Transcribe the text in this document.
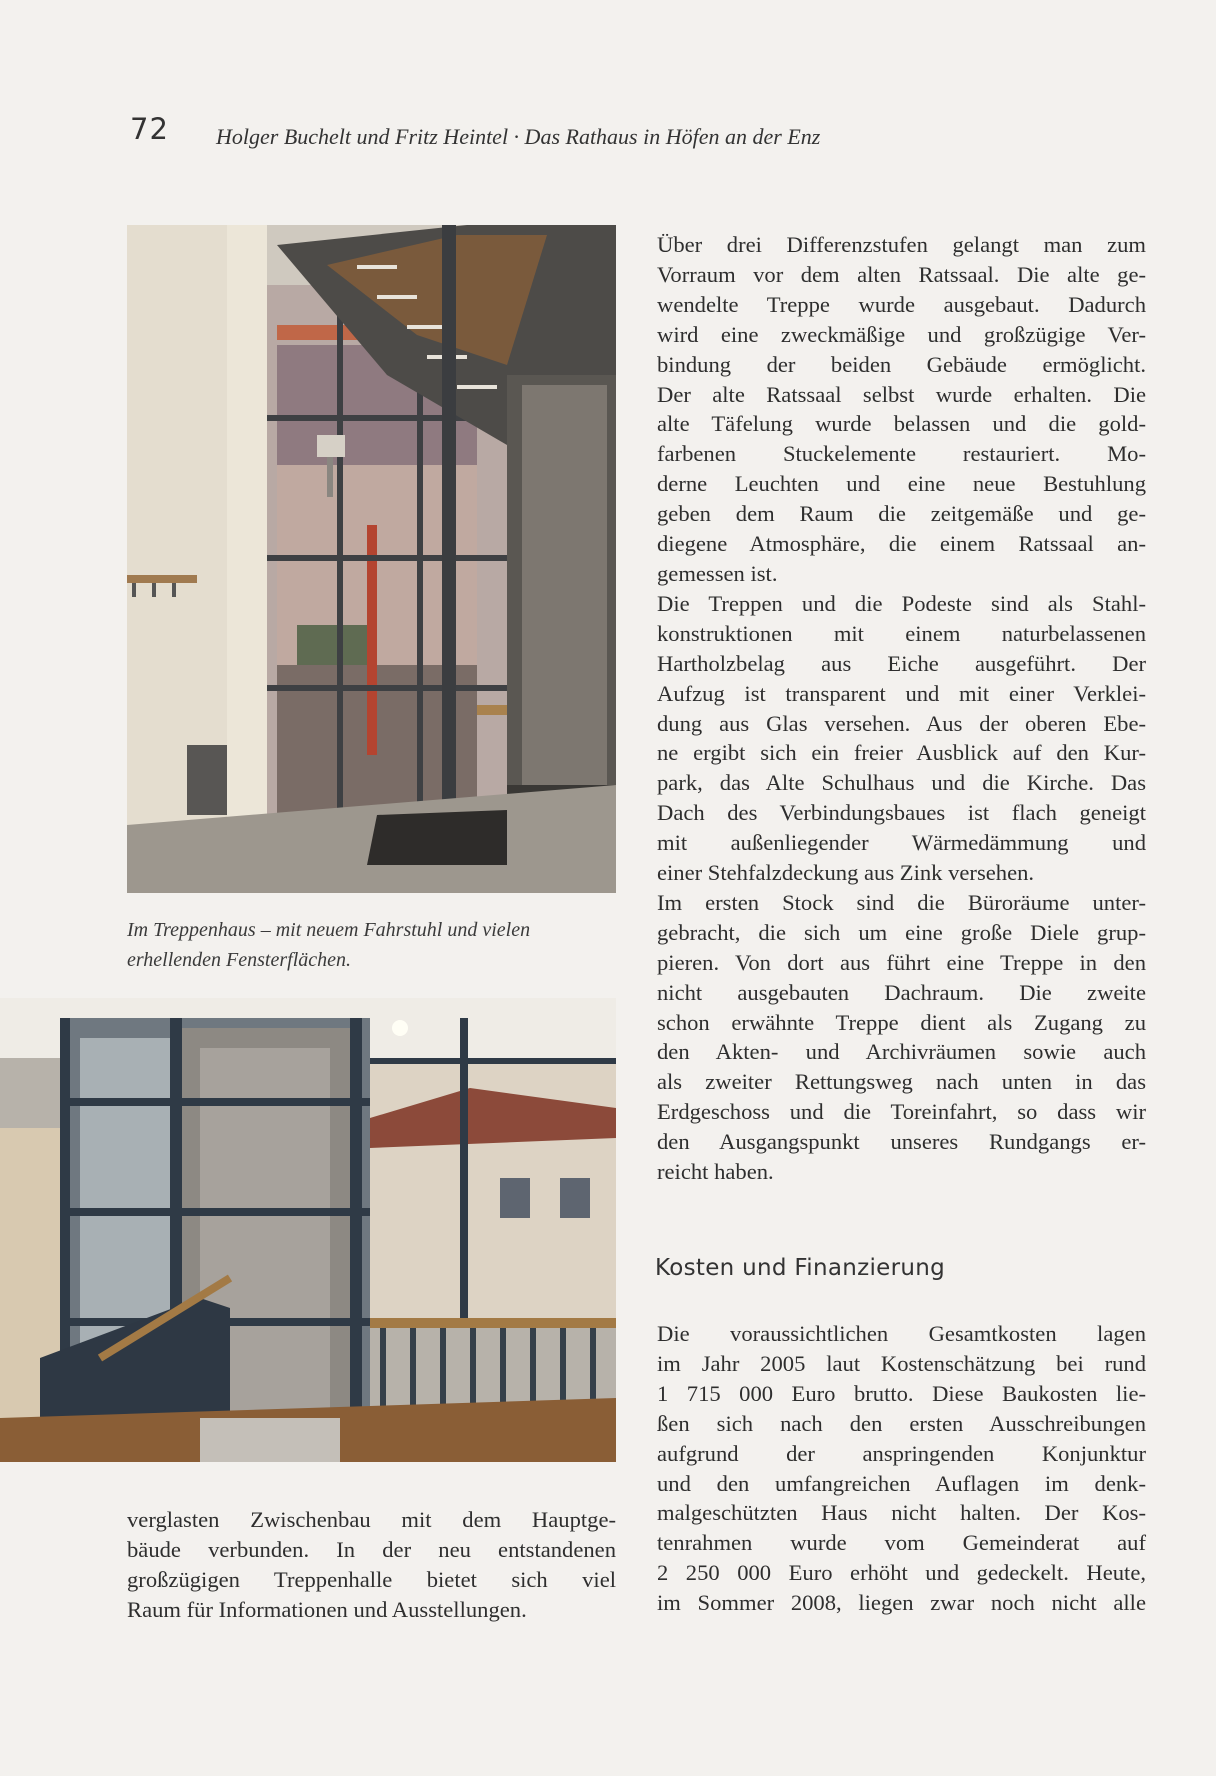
72 Holger Buchelt und Fritz Heintel · Das Rathaus in Höfen an der Enz
Im Treppenhaus – mit neuem Fahrstuhl und vielen
erhellenden Fensterflächen.
Über drei Differenzstufen gelangt man zum
Vorraum vor dem alten Ratssaal. Die alte ge-
wendelte Treppe wurde ausgebaut. Dadurch
wird eine zweckmäßige und großzügige Ver-
bindung der beiden Gebäude ermöglicht.
Der alte Ratssaal selbst wurde erhalten. Die
alte Täfelung wurde belassen und die gold-
farbenen Stuckelemente restauriert. Mo-
derne Leuchten und eine neue Bestuhlung
geben dem Raum die zeitgemäße und ge-
diegene Atmosphäre, die einem Ratssaal an-
gemessen ist.
Die Treppen und die Podeste sind als Stahl-
konstruktionen mit einem naturbelassenen
Hartholzbelag aus Eiche ausgeführt. Der
Aufzug ist transparent und mit einer Verklei-
dung aus Glas versehen. Aus der oberen Ebe-
ne ergibt sich ein freier Ausblick auf den Kur-
park, das Alte Schulhaus und die Kirche. Das
Dach des Verbindungsbaues ist flach geneigt
mit außenliegender Wärmedämmung und
einer Stehfalzdeckung aus Zink versehen.
Im ersten Stock sind die Büroräume unter-
gebracht, die sich um eine große Diele grup-
pieren. Von dort aus führt eine Treppe in den
nicht ausgebauten Dachraum. Die zweite
schon erwähnte Treppe dient als Zugang zu
den Akten- und Archivräumen sowie auch
als zweiter Rettungsweg nach unten in das
Erdgeschoss und die Toreinfahrt, so dass wir
den Ausgangspunkt unseres Rundgangs er-
reicht haben.
Kosten und Finanzierung
Die voraussichtlichen Gesamtkosten lagen
im Jahr 2005 laut Kostenschätzung bei rund
1 715 000 Euro brutto. Diese Baukosten lie-
ßen sich nach den ersten Ausschreibungen
aufgrund der anspringenden Konjunktur
und den umfangreichen Auflagen im denk-
malgeschützten Haus nicht halten. Der Kos-
tenrahmen wurde vom Gemeinderat auf
2 250 000 Euro erhöht und gedeckelt. Heute,
im Sommer 2008, liegen zwar noch nicht alle
verglasten Zwischenbau mit dem Hauptge-
bäude verbunden. In der neu entstandenen
großzügigen Treppenhalle bietet sich viel
Raum für Informationen und Ausstellungen.
